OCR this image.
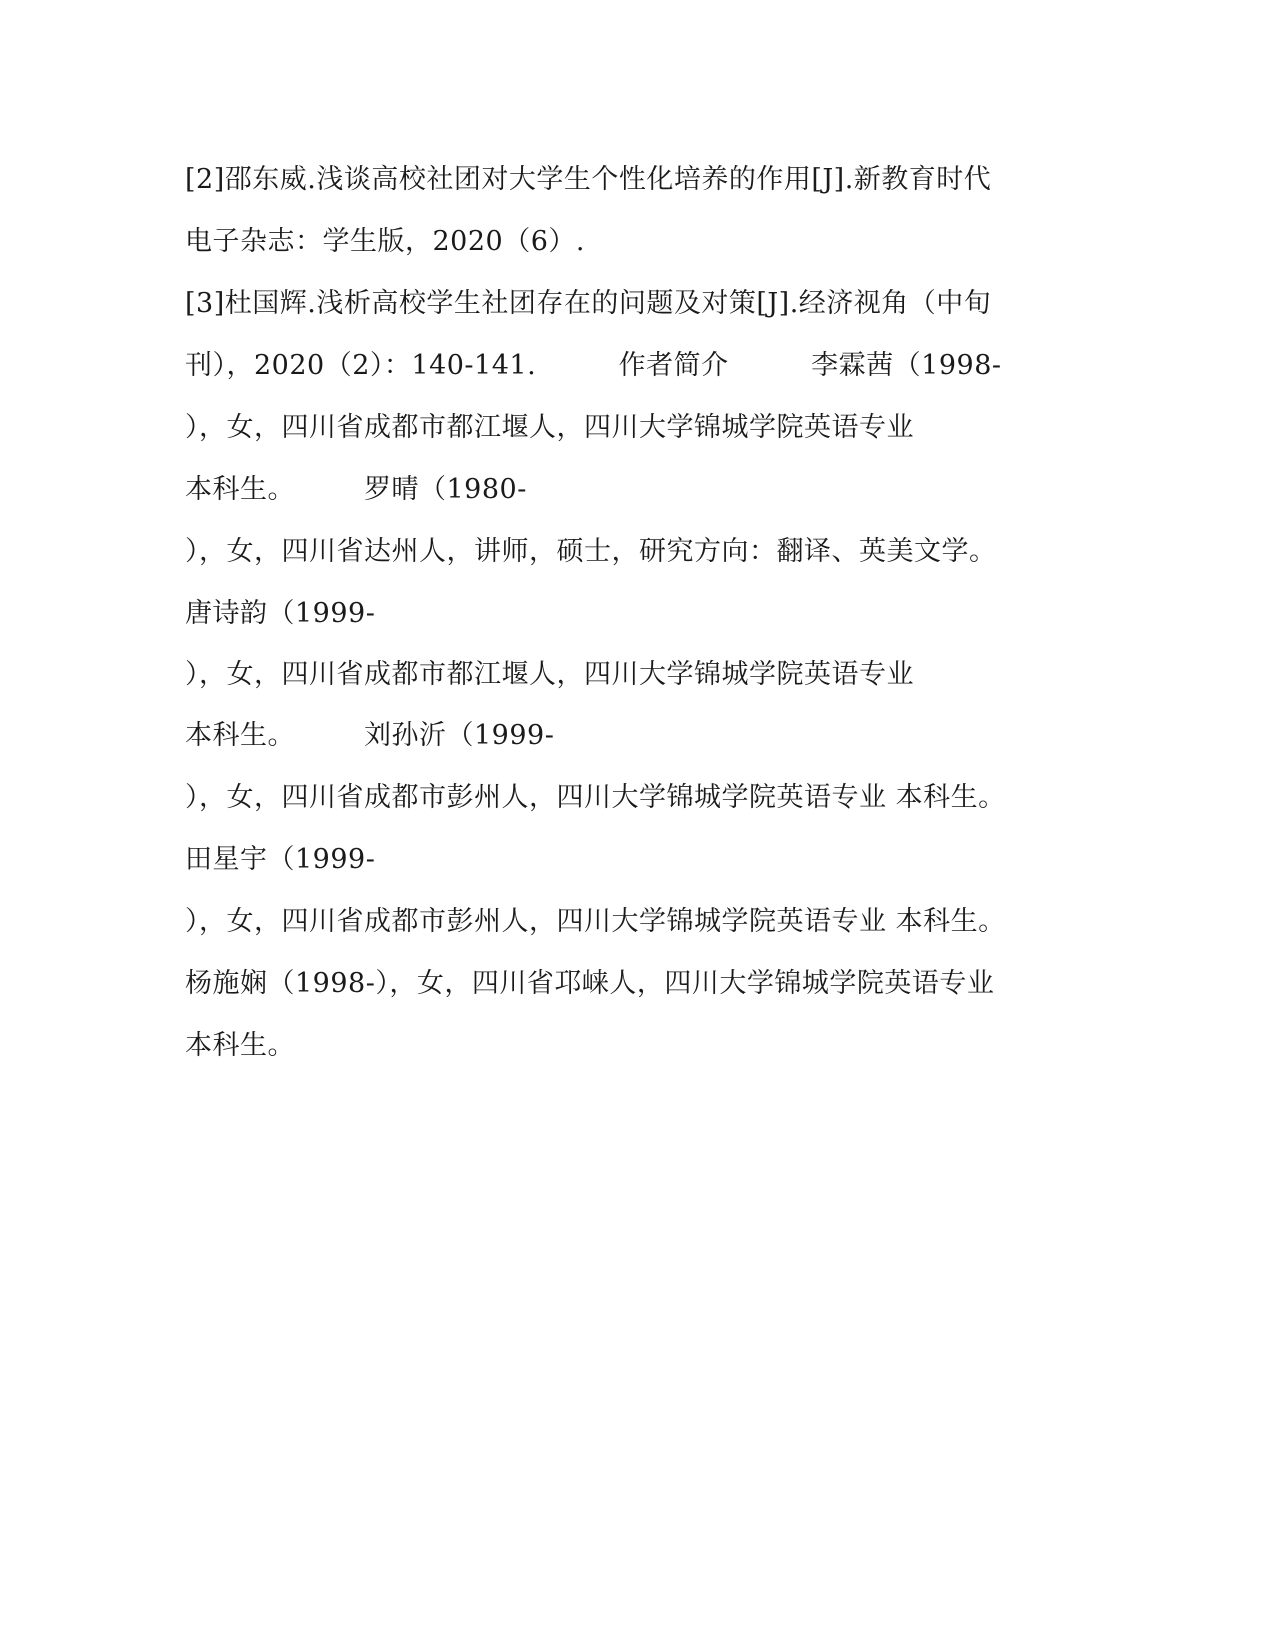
[2]邵东威.浅谈高校社团对大学生个性化培养的作用[J].新教育时代
电子杂志：学生版，2020（6）.
[3]杜国辉.浅析高校学生社团存在的问题及对策[J].经济视角（中旬
刊），2020（2）：140-141.　　　作者简介　　　李霖茜（1998-
），女，四川省成都市都江堰人，四川大学锦城学院英语专业
本科生。　　　罗晴（1980-
），女，四川省达州人，讲师，硕士，研究方向：翻译、英美文学。
唐诗韵（1999-
），女，四川省成都市都江堰人，四川大学锦城学院英语专业
本科生。　　　刘孙沂（1999-
），女，四川省成都市彭州人，四川大学锦城学院英语专业 本科生。
田星宇（1999-
），女，四川省成都市彭州人，四川大学锦城学院英语专业 本科生。
杨施娴（1998-），女，四川省邛崃人，四川大学锦城学院英语专业
本科生。
